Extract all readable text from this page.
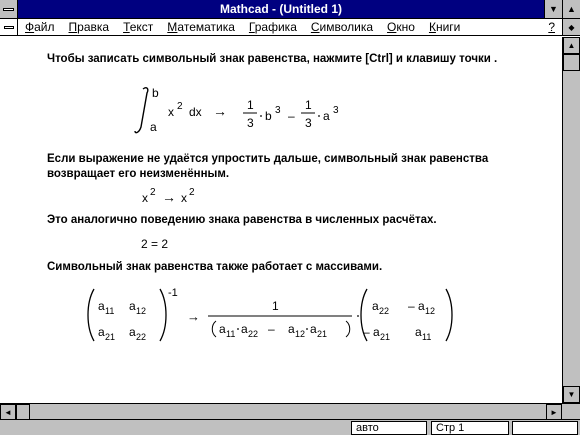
Mathcad - (Untitled 1)	▼ ▲
Файл	Правка	Текст	Математика	Графика	Символика	Окно	Книги	?	◆
Чтобы записать символьный знак равенства, нажмите [Ctrl] и клавишу точки .
b
a
x 2 dx → 1
3 b 3 –
1
3 a 3
Если выражение не удаётся упростить дальше, символьный знак равенства
возвращает его неизменённым.
x 2 → x 2
Это аналогично поведению знака равенства в численных расчётах.
2 = 2
Символьный знак равенства также работает с массивами.
a 11 a 12
a 21 a 22
-1
→
1
a 11 a 22 – a 12 a 21
a 22 – a 12
– a 21 a 11
▲
▼
◄	►
авто	Стр 1
